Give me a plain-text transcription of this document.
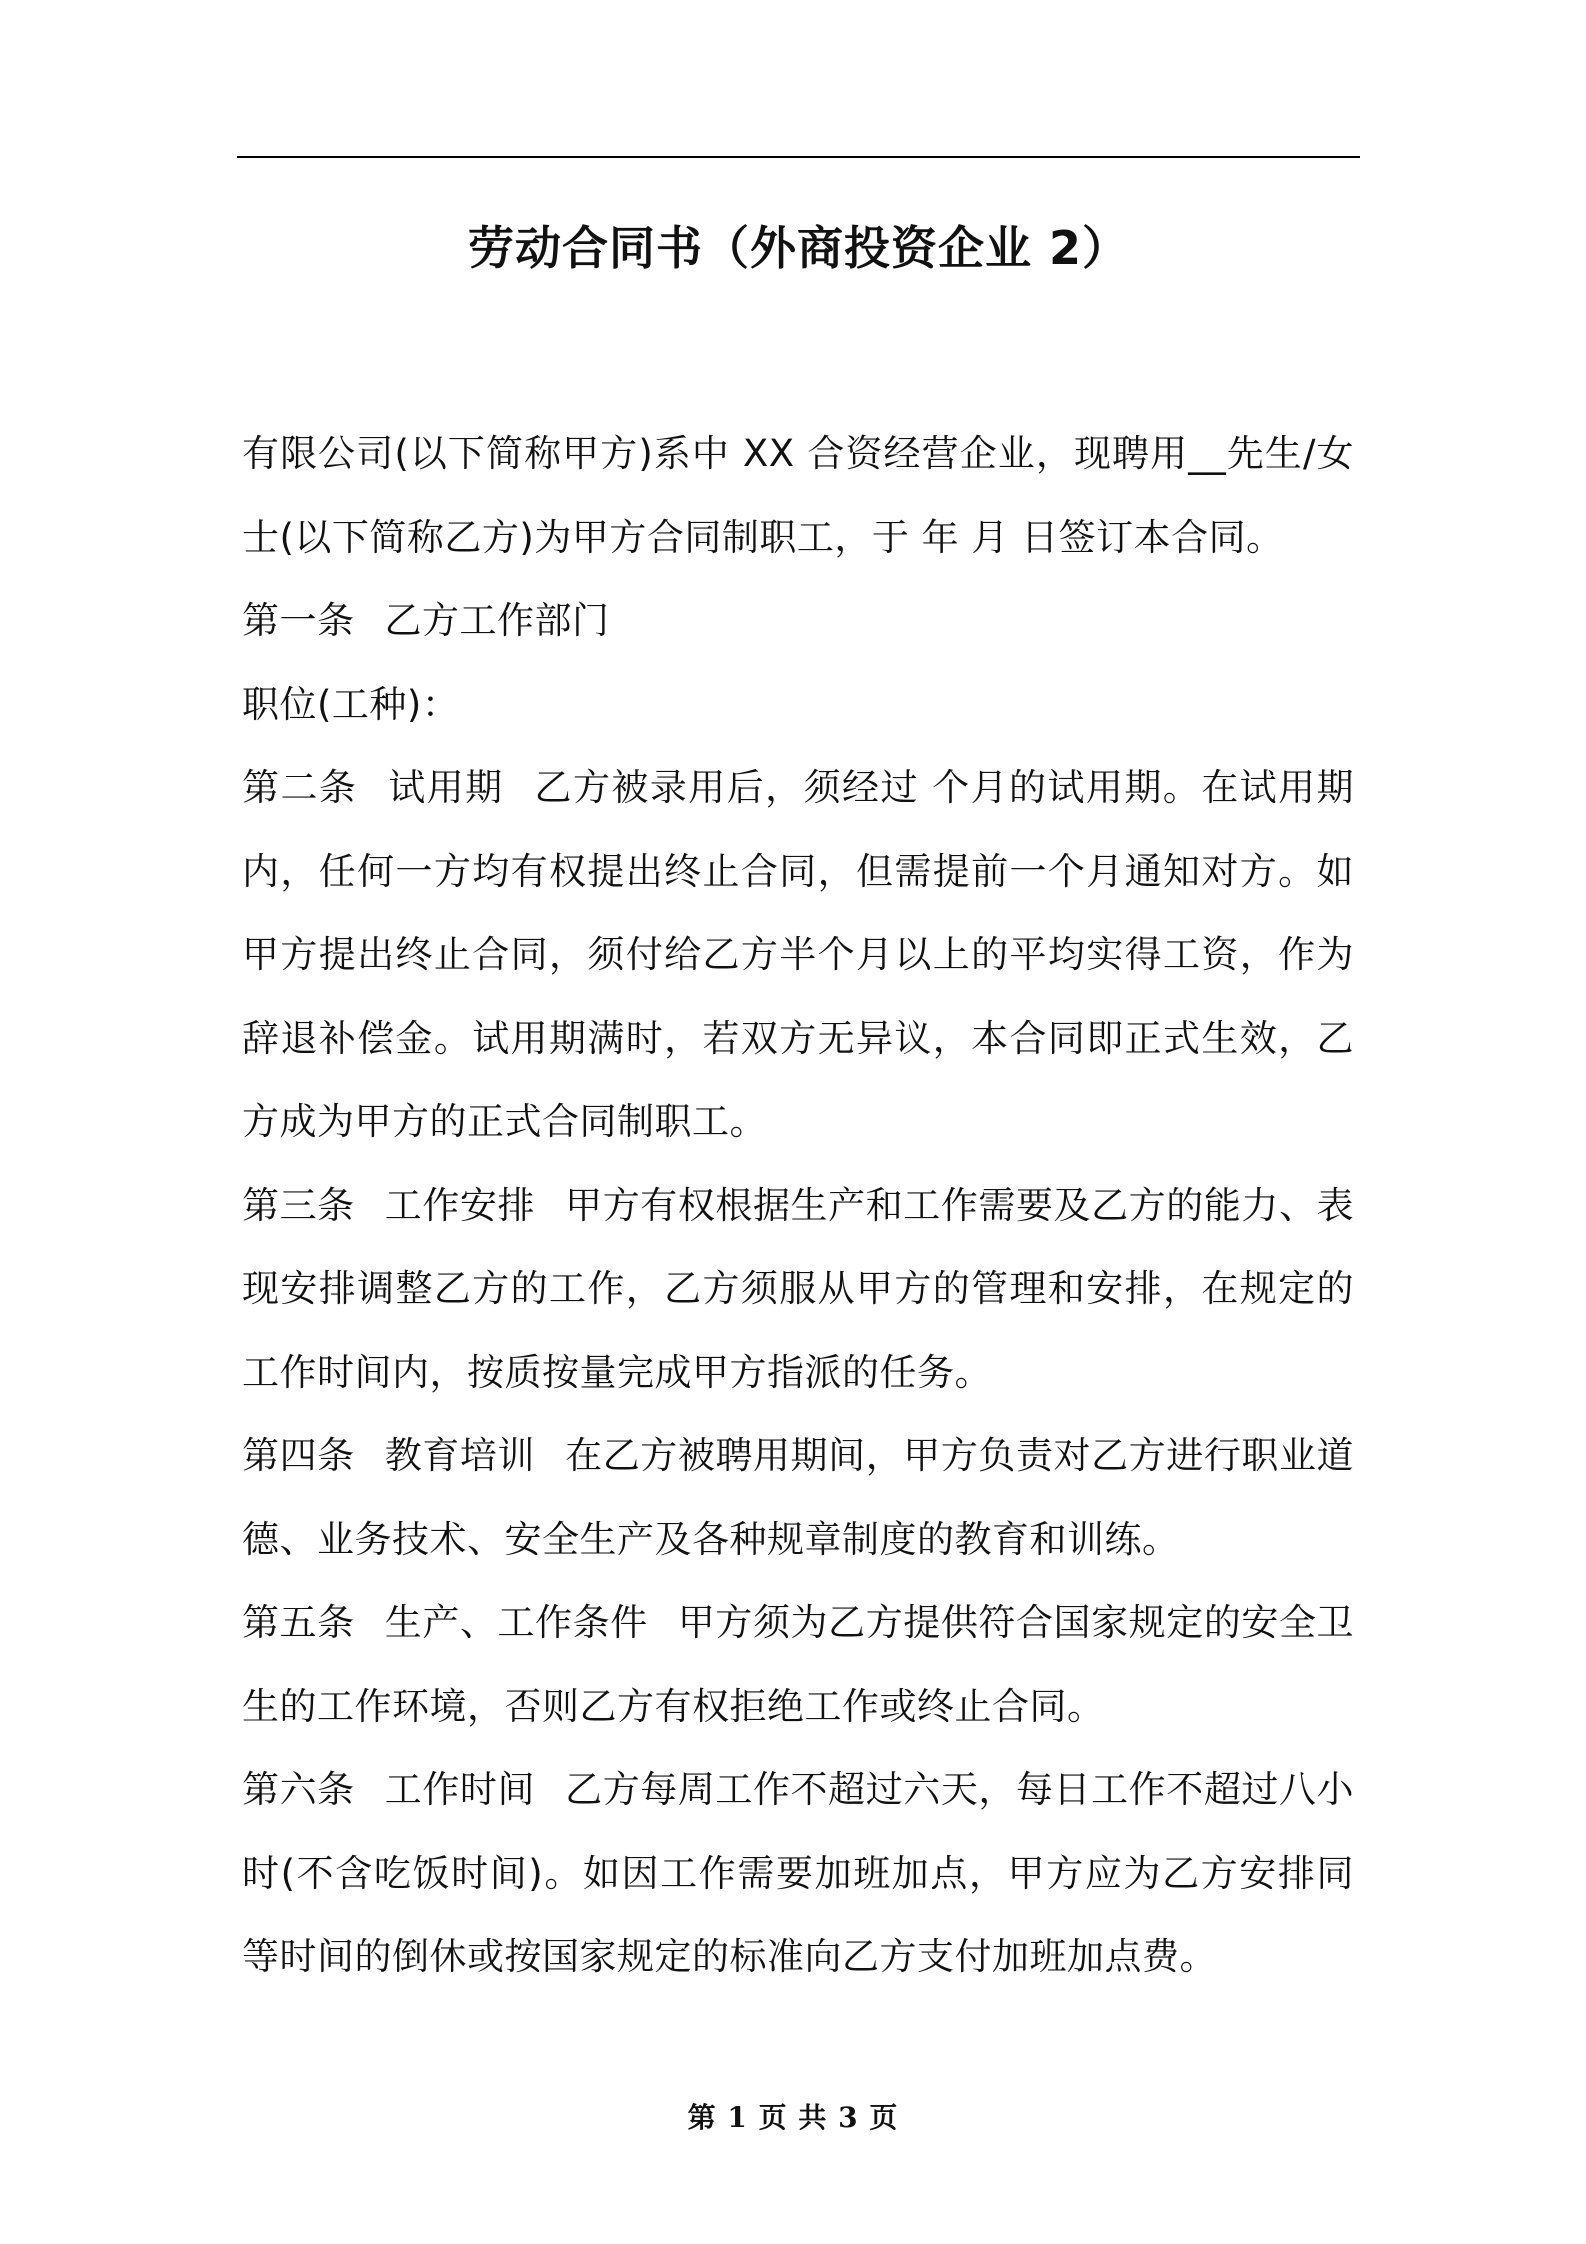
劳动合同书（外商投资企业 2）

有限公司(以下简称甲方)系中 XX 合资经营企业，现聘用__先生/女士(以下简称乙方)为甲方合同制职工，于 年 月 日签订本合同。

第一条 乙方工作部门

职位(工种)：

第二条 试用期 乙方被录用后，须经过 个月的试用期。在试用期内，任何一方均有权提出终止合同，但需提前一个月通知对方。如甲方提出终止合同，须付给乙方半个月以上的平均实得工资，作为辞退补偿金。试用期满时，若双方无异议，本合同即正式生效，乙方成为甲方的正式合同制职工。

第三条 工作安排 甲方有权根据生产和工作需要及乙方的能力、表现安排调整乙方的工作，乙方须服从甲方的管理和安排，在规定的工作时间内，按质按量完成甲方指派的任务。

第四条 教育培训 在乙方被聘用期间，甲方负责对乙方进行职业道德、业务技术、安全生产及各种规章制度的教育和训练。

第五条 生产、工作条件 甲方须为乙方提供符合国家规定的安全卫生的工作环境，否则乙方有权拒绝工作或终止合同。

第六条 工作时间 乙方每周工作不超过六天，每日工作不超过八小时(不含吃饭时间)。如因工作需要加班加点，甲方应为乙方安排同等时间的倒休或按国家规定的标准向乙方支付加班加点费。

第 1 页 共 3 页
